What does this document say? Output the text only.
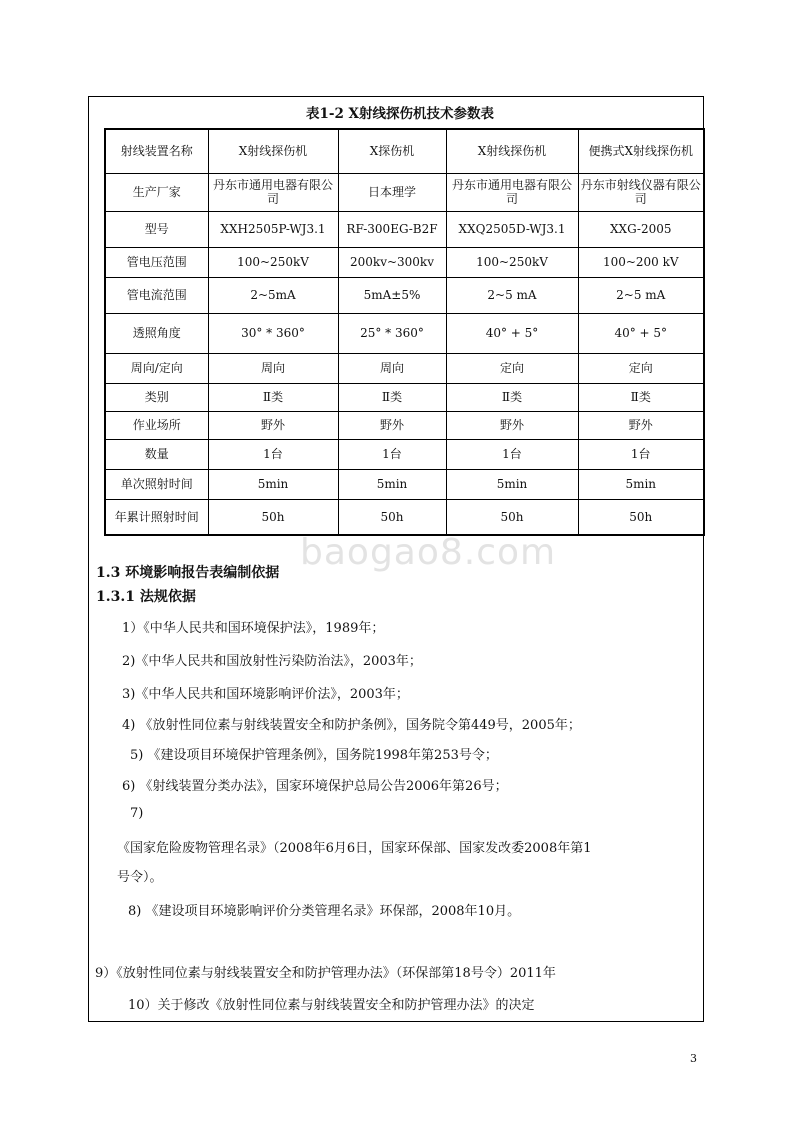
表1-2 X射线探伤机技术参数表
射线装置名称	X射线探伤机	X探伤机	X射线探伤机	便携式X射线探伤机
生产厂家	丹东市通用电器有限公司	日本理学	丹东市通用电器有限公司	丹东市射线仪器有限公司
型号	XXH2505P-WJ3.1	RF-300EG-B2F	XXQ2505D-WJ3.1	XXG-2005
管电压范围	100~250kV	200kv~300kv	100~250kV	100~200 kV
管电流范围	2~5mA	5mA±5%	2~5 mA	2~5 mA
透照角度	30° * 360°	25° * 360°	40° + 5°	40° + 5°
周向/定向	周向	周向	定向	定向
类别	Ⅱ类	Ⅱ类	Ⅱ类	Ⅱ类
作业场所	野外	野外	野外	野外
数量	1台	1台	1台	1台
单次照射时间	5min	5min	5min	5min
年累计照射时间	50h	50h	50h	50h
baogao8.com
1.3 环境影响报告表编制依据
1.3.1 法规依据
1）《中华人民共和国环境保护法》，1989年；
2)《中华人民共和国放射性污染防治法》，2003年；
3)《中华人民共和国环境影响评价法》，2003年；
4) 《放射性同位素与射线装置安全和防护条例》，国务院令第449号，2005年；
5) 《建设项目环境保护管理条例》，国务院1998年第253号令；
6) 《射线装置分类办法》，国家环境保护总局公告2006年第26号；
7)
《国家危险废物管理名录》（2008年6月6日，国家环保部、国家发改委2008年第1
号令）。
8) 《建设项目环境影响评价分类管理名录》环保部，2008年10月。
9）《放射性同位素与射线装置安全和防护管理办法》（环保部第18号令）2011年
10）关于修改《放射性同位素与射线装置安全和防护管理办法》的决定
3
